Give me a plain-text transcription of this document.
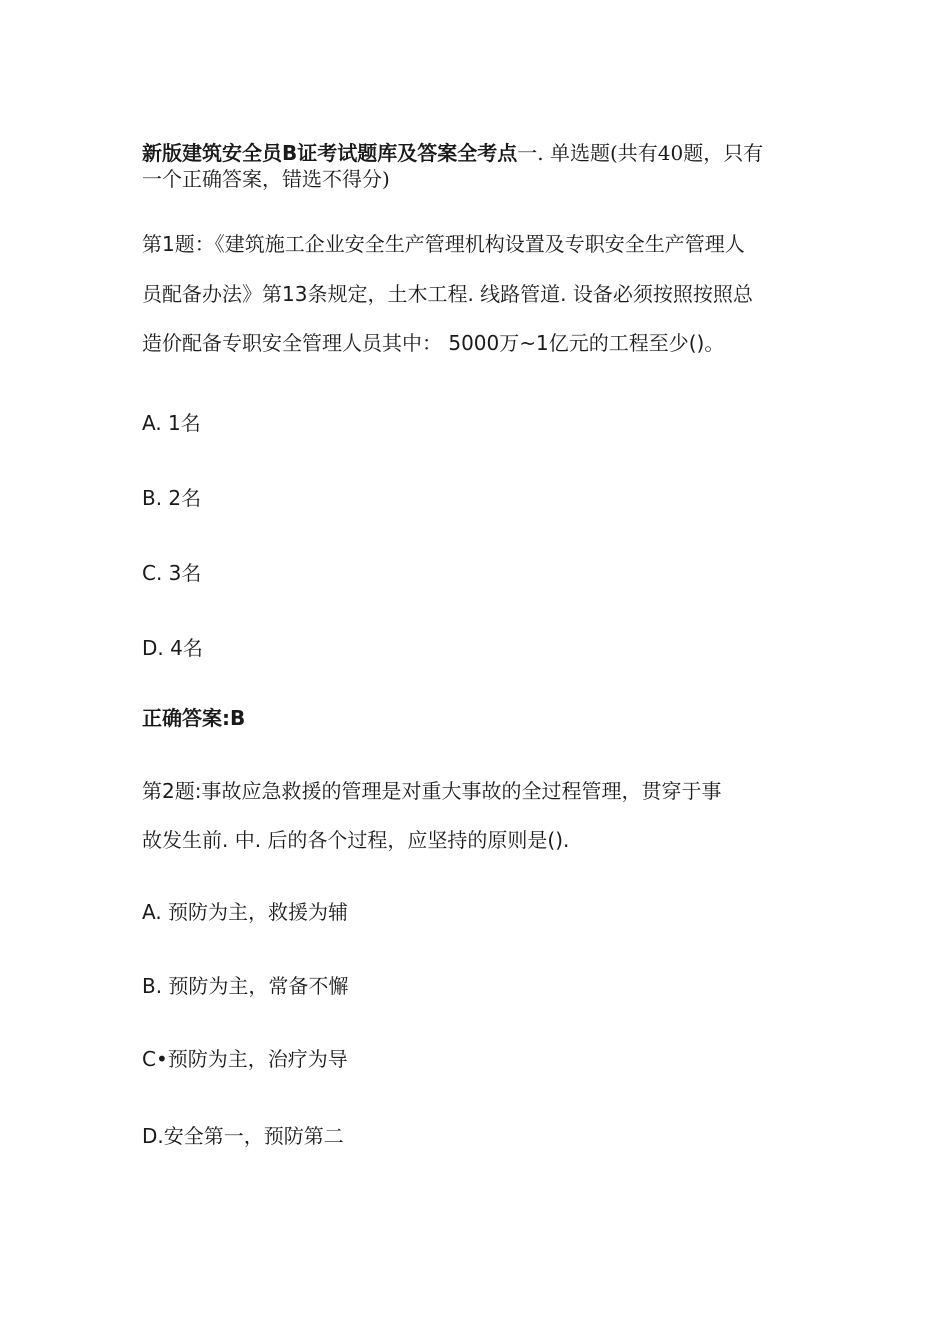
新版建筑安全员B证考试题库及答案全考点一. 单选题(共有40题，只有
一个正确答案，错选不得分)
第1题：《建筑施工企业安全生产管理机构设置及专职安全生产管理人
员配备办法》第13条规定，土木工程. 线路管道. 设备必须按照按照总
造价配备专职安全管理人员其中： 5000万~1亿元的工程至少()。
A. 1名
B. 2名
C. 3名
D. 4名
正确答案:B
第2题:事故应急救援的管理是对重大事故的全过程管理，贯穿于事
故发生前. 中. 后的各个过程，应坚持的原则是().
A. 预防为主，救援为辅
B. 预防为主，常备不懈
C•预防为主，治疗为导
D.安全第一，预防第二
